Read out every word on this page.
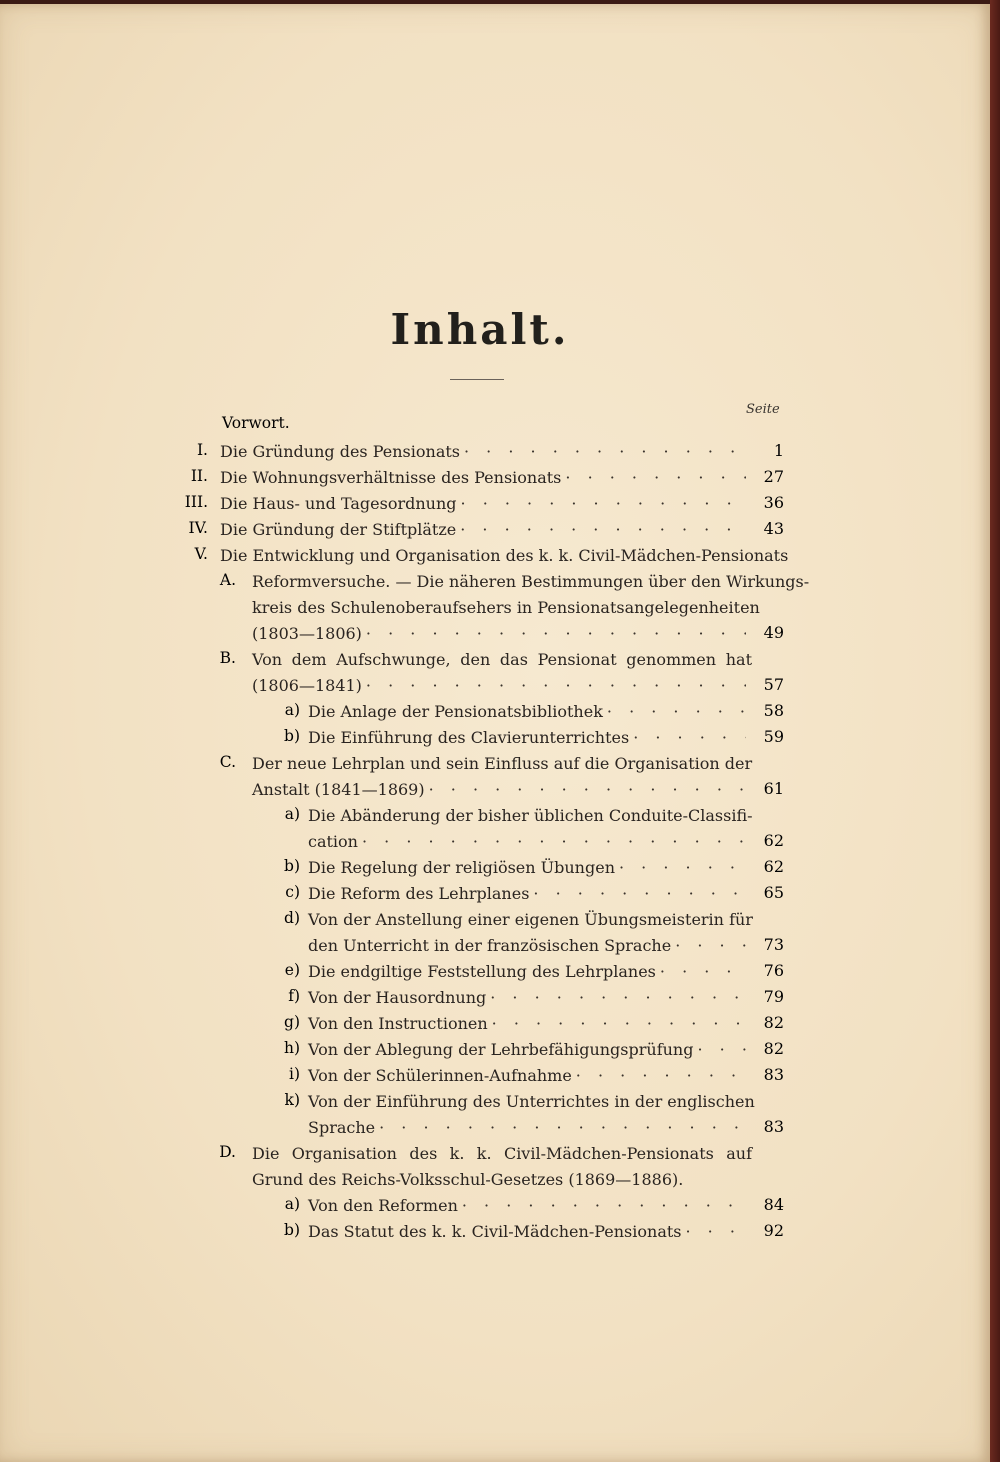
Inhalt.
Seite
Vorwort.
I. Die Gründung des Pensionats · · ·	1
II. Die Wohnungsverhältnisse des Pensionats · · ·	27
III. Die Haus- und Tagesordnung · · ·	36
IV. Die Gründung der Stiftplätze · · ·	43
V. Die Entwicklung und Organisation des k. k. Civil-Mädchen-Pensionats
A. Reformversuche. — Die näheren Bestimmungen über den Wirkungs-
kreis des Schulenoberaufsehers in Pensionatsangelegenheiten
(1803—1806) · · ·	49
B. Von dem Aufschwunge, den das Pensionat genommen hat
(1806—1841) · · ·	57
a) Die Anlage der Pensionatsbibliothek · · ·	58
b) Die Einführung des Clavierunterrichtes · · ·	59
C. Der neue Lehrplan und sein Einfluss auf die Organisation der
Anstalt (1841—1869) · · ·	61
a) Die Abänderung der bisher üblichen Conduite-Classifi-
cation · · ·	62
b) Die Regelung der religiösen Übungen · · ·	62
c) Die Reform des Lehrplanes · · ·	65
d) Von der Anstellung einer eigenen Übungsmeisterin für
den Unterricht in der französischen Sprache · · ·	73
e) Die endgiltige Feststellung des Lehrplanes · · ·	76
f) Von der Hausordnung · · ·	79
g) Von den Instructionen · · ·	82
h) Von der Ablegung der Lehrbefähigungsprüfung · · ·	82
i) Von der Schülerinnen-Aufnahme · · ·	83
k) Von der Einführung des Unterrichtes in der englischen
Sprache · · ·	83
D. Die Organisation des k. k. Civil-Mädchen-Pensionats auf
Grund des Reichs-Volksschul-Gesetzes (1869—1886).
a) Von den Reformen · · ·	84
b) Das Statut des k. k. Civil-Mädchen-Pensionats · · ·	92
